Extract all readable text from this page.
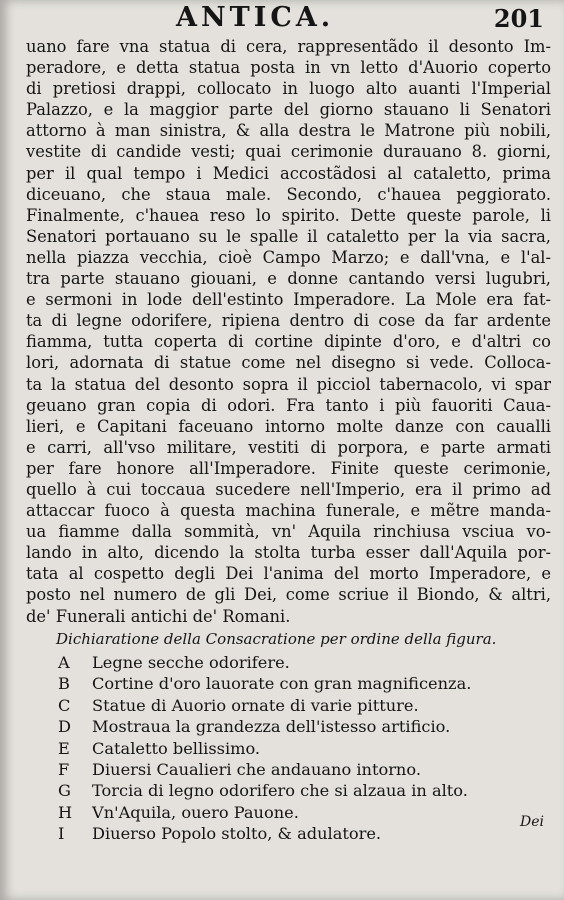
ANTICA.	201
uano fare vna statua di cera, rappresentãdo il desonto Im-
peradore, e detta statua posta in vn letto d'Auorio coperto
di pretiosi drappi, collocato in luogo alto auanti l'Imperial
Palazzo, e la maggior parte del giorno stauano li Senatori
attorno à man sinistra, & alla destra le Matrone più nobili,
vestite di candide vesti; quai cerimonie durauano 8. giorni,
per il qual tempo i Medici accostãdosi al cataletto, prima
diceuano, che staua male. Secondo, c'hauea peggiorato.
Finalmente, c'hauea reso lo spirito. Dette queste parole, li
Senatori portauano su le spalle il cataletto per la via sacra,
nella piazza vecchia, cioè Campo Marzo; e dall'vna, e l'al-
tra parte stauano giouani, e donne cantando versi lugubri,
e sermoni in lode dell'estinto Imperadore. La Mole era fat-
ta di legne odorifere, ripiena dentro di cose da far ardente
fiamma, tutta coperta di cortine dipinte d'oro, e d'altri co
lori, adornata di statue come nel disegno si vede. Colloca-
ta la statua del desonto sopra il picciol tabernacolo, vi spar
geuano gran copia di odori. Fra tanto i più fauoriti Caua-
lieri, e Capitani faceuano intorno molte danze con caualli
e carri, all'vso militare, vestiti di porpora, e parte armati
per fare honore all'Imperadore. Finite queste cerimonie,
quello à cui toccaua sucedere nell'Imperio, era il primo ad
attaccar fuoco à questa machina funerale, e mẽtre manda-
ua fiamme dalla sommità, vn' Aquila rinchiusa vsciua vo-
lando in alto, dicendo la stolta turba esser dall'Aquila por-
tata al cospetto degli Dei l'anima del morto Imperadore, e
posto nel numero de gli Dei, come scriue il Biondo, & altri,
de' Funerali antichi de' Romani.
Dichiaratione della Consacratione per ordine della figura.
A	Legne secche odorifere.
B	Cortine d'oro lauorate con gran magnificenza.
C	Statue di Auorio ornate di varie pitture.
D	Mostraua la grandezza dell'istesso artificio.
E	Cataletto bellissimo.
F	Diuersi Caualieri che andauano intorno.
G	Torcia di legno odorifero che si alzaua in alto.
H	Vn'Aquila, ouero Pauone.
I	Diuerso Popolo stolto, & adulatore.
Dei
